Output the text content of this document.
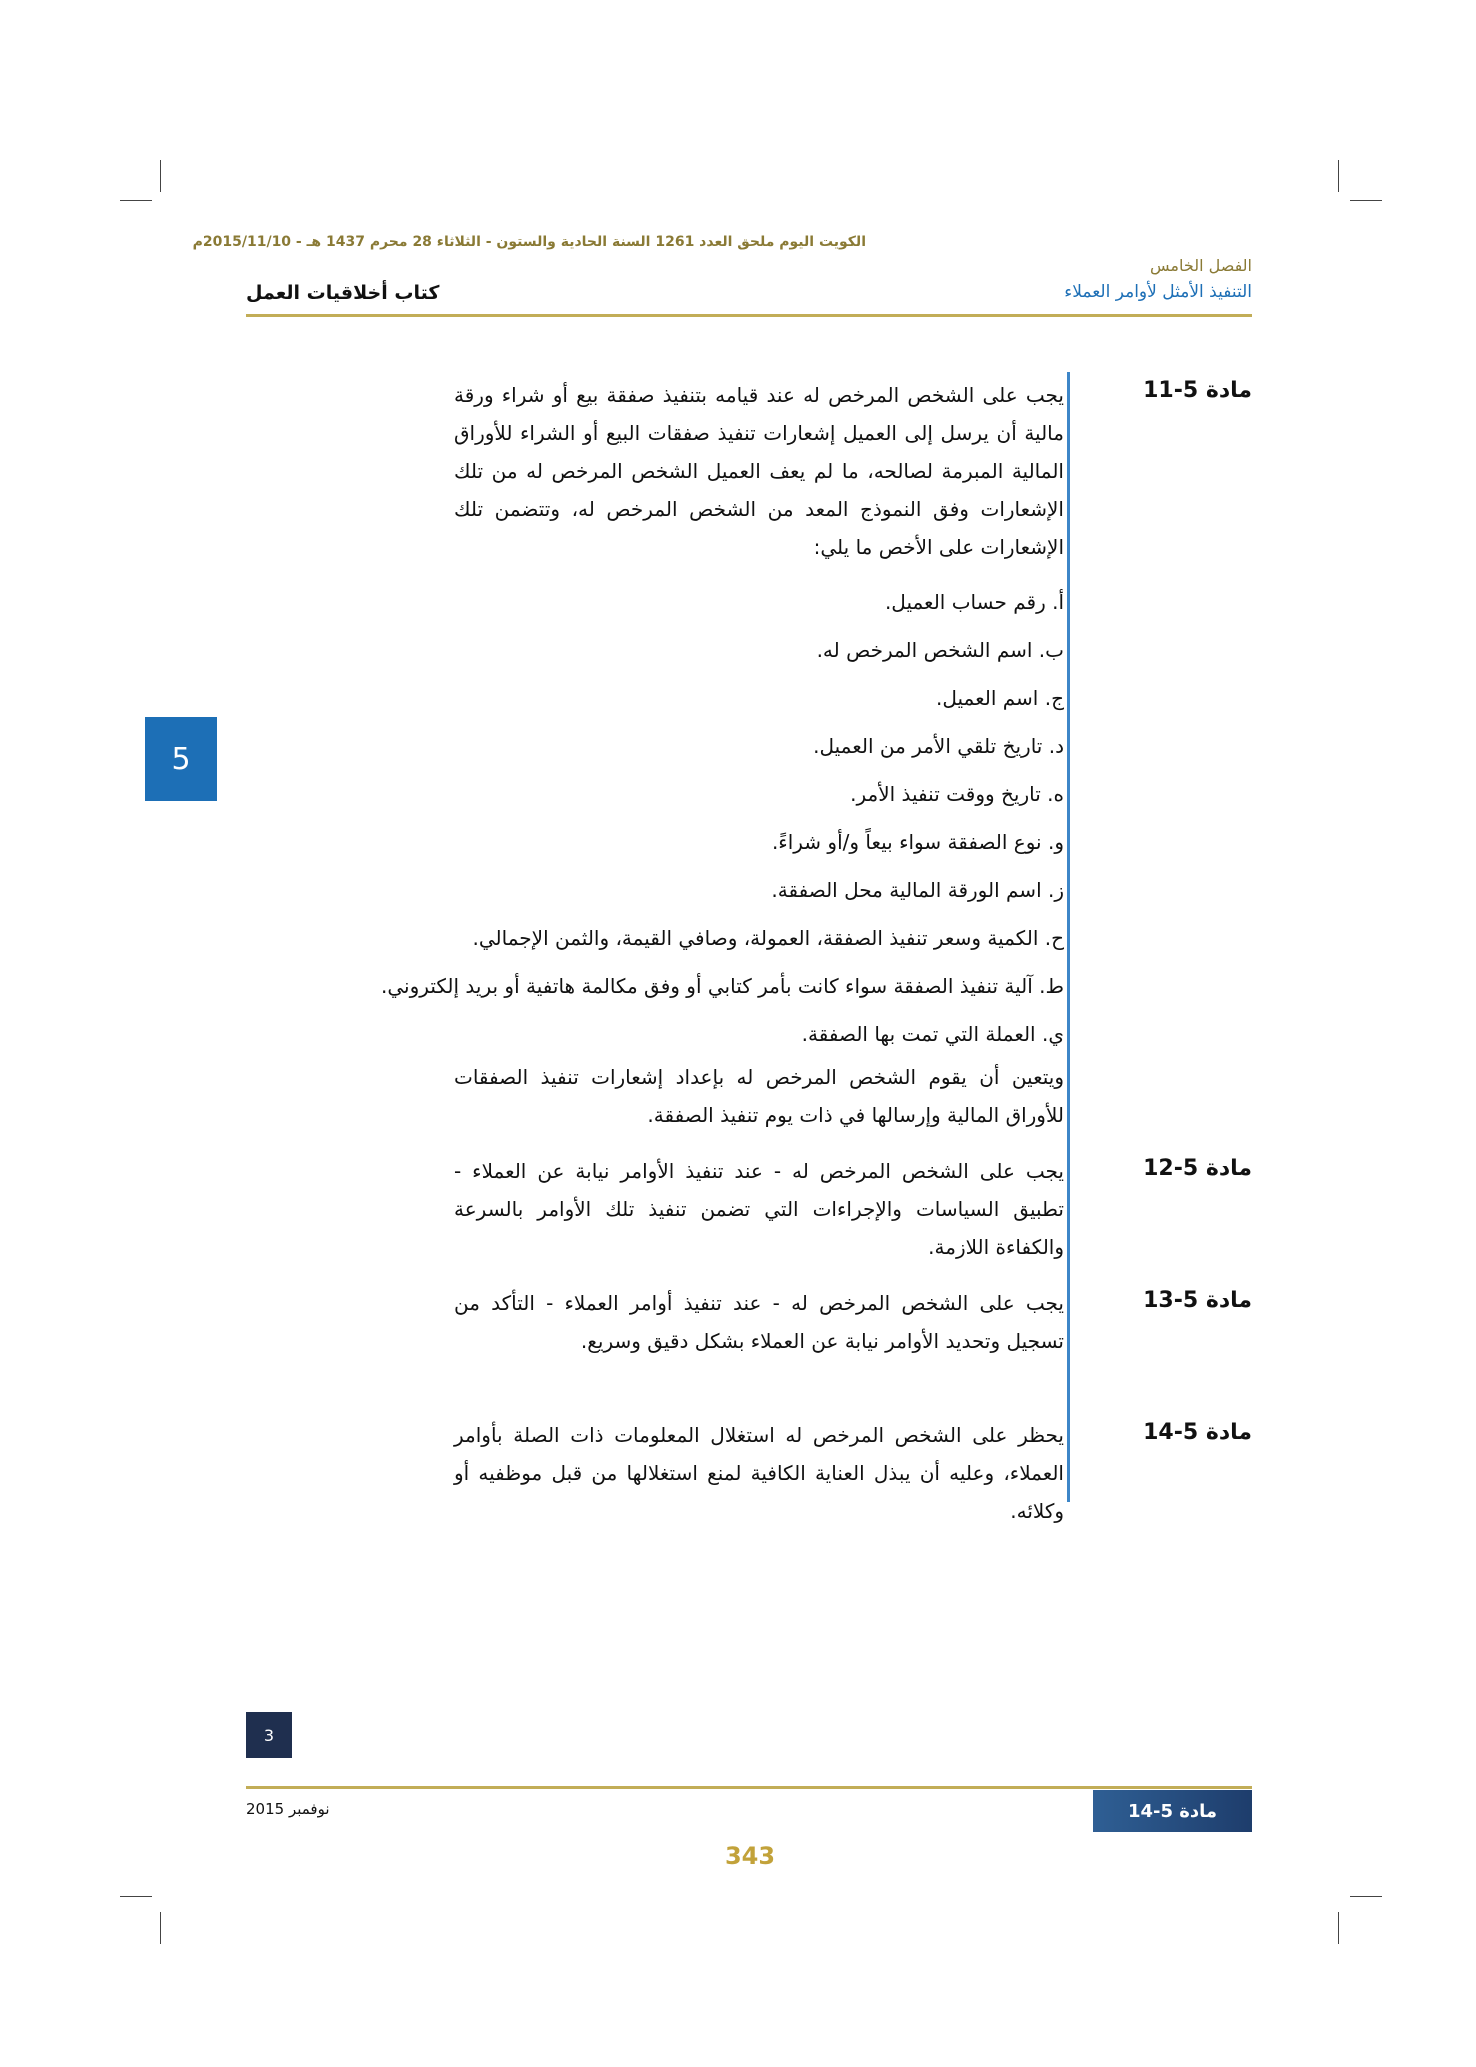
الكويت اليوم ملحق العدد 1261 السنة الحادية والستون - الثلاثاء 28 محرم 1437 هـ - 2015/11/10م
الفصل الخامس
التنفيذ الأمثل لأوامر العملاء
كتاب أخلاقيات العمل
5
مادة 5-11

يجب على الشخص المرخص له عند قيامه بتنفيذ صفقة بيع أو شراء ورقة مالية أن يرسل إلى العميل إشعارات تنفيذ صفقات البيع أو الشراء للأوراق المالية المبرمة لصالحه، ما لم يعف العميل الشخص المرخص له من تلك الإشعارات وفق النموذج المعد من الشخص المرخص له، وتتضمن تلك الإشعارات على الأخص ما يلي:

أ. رقم حساب العميل.
ب. اسم الشخص المرخص له.
ج. اسم العميل.
د. تاريخ تلقي الأمر من العميل.
ه. تاريخ ووقت تنفيذ الأمر.
و. نوع الصفقة سواء بيعاً و/أو شراءً.
ز. اسم الورقة المالية محل الصفقة.
ح. الكمية وسعر تنفيذ الصفقة، العمولة، وصافي القيمة، والثمن الإجمالي.
ط. آلية تنفيذ الصفقة سواء كانت بأمر كتابي أو وفق مكالمة هاتفية أو بريد إلكتروني.
ي. العملة التي تمت بها الصفقة.

ويتعين أن يقوم الشخص المرخص له بإعداد إشعارات تنفيذ الصفقات للأوراق المالية وإرسالها في ذات يوم تنفيذ الصفقة.

مادة 5-12

يجب على الشخص المرخص له - عند تنفيذ الأوامر نيابة عن العملاء - تطبيق السياسات والإجراءات التي تضمن تنفيذ تلك الأوامر بالسرعة والكفاءة اللازمة.

مادة 5-13

يجب على الشخص المرخص له - عند تنفيذ أوامر العملاء - التأكد من تسجيل وتحديد الأوامر نيابة عن العملاء بشكل دقيق وسريع.

مادة 5-14

يحظر على الشخص المرخص له استغلال المعلومات ذات الصلة بأوامر العملاء، وعليه أن يبذل العناية الكافية لمنع استغلالها من قبل موظفيه أو وكلائه.

3
مادة 5-14
نوفمبر 2015
343
